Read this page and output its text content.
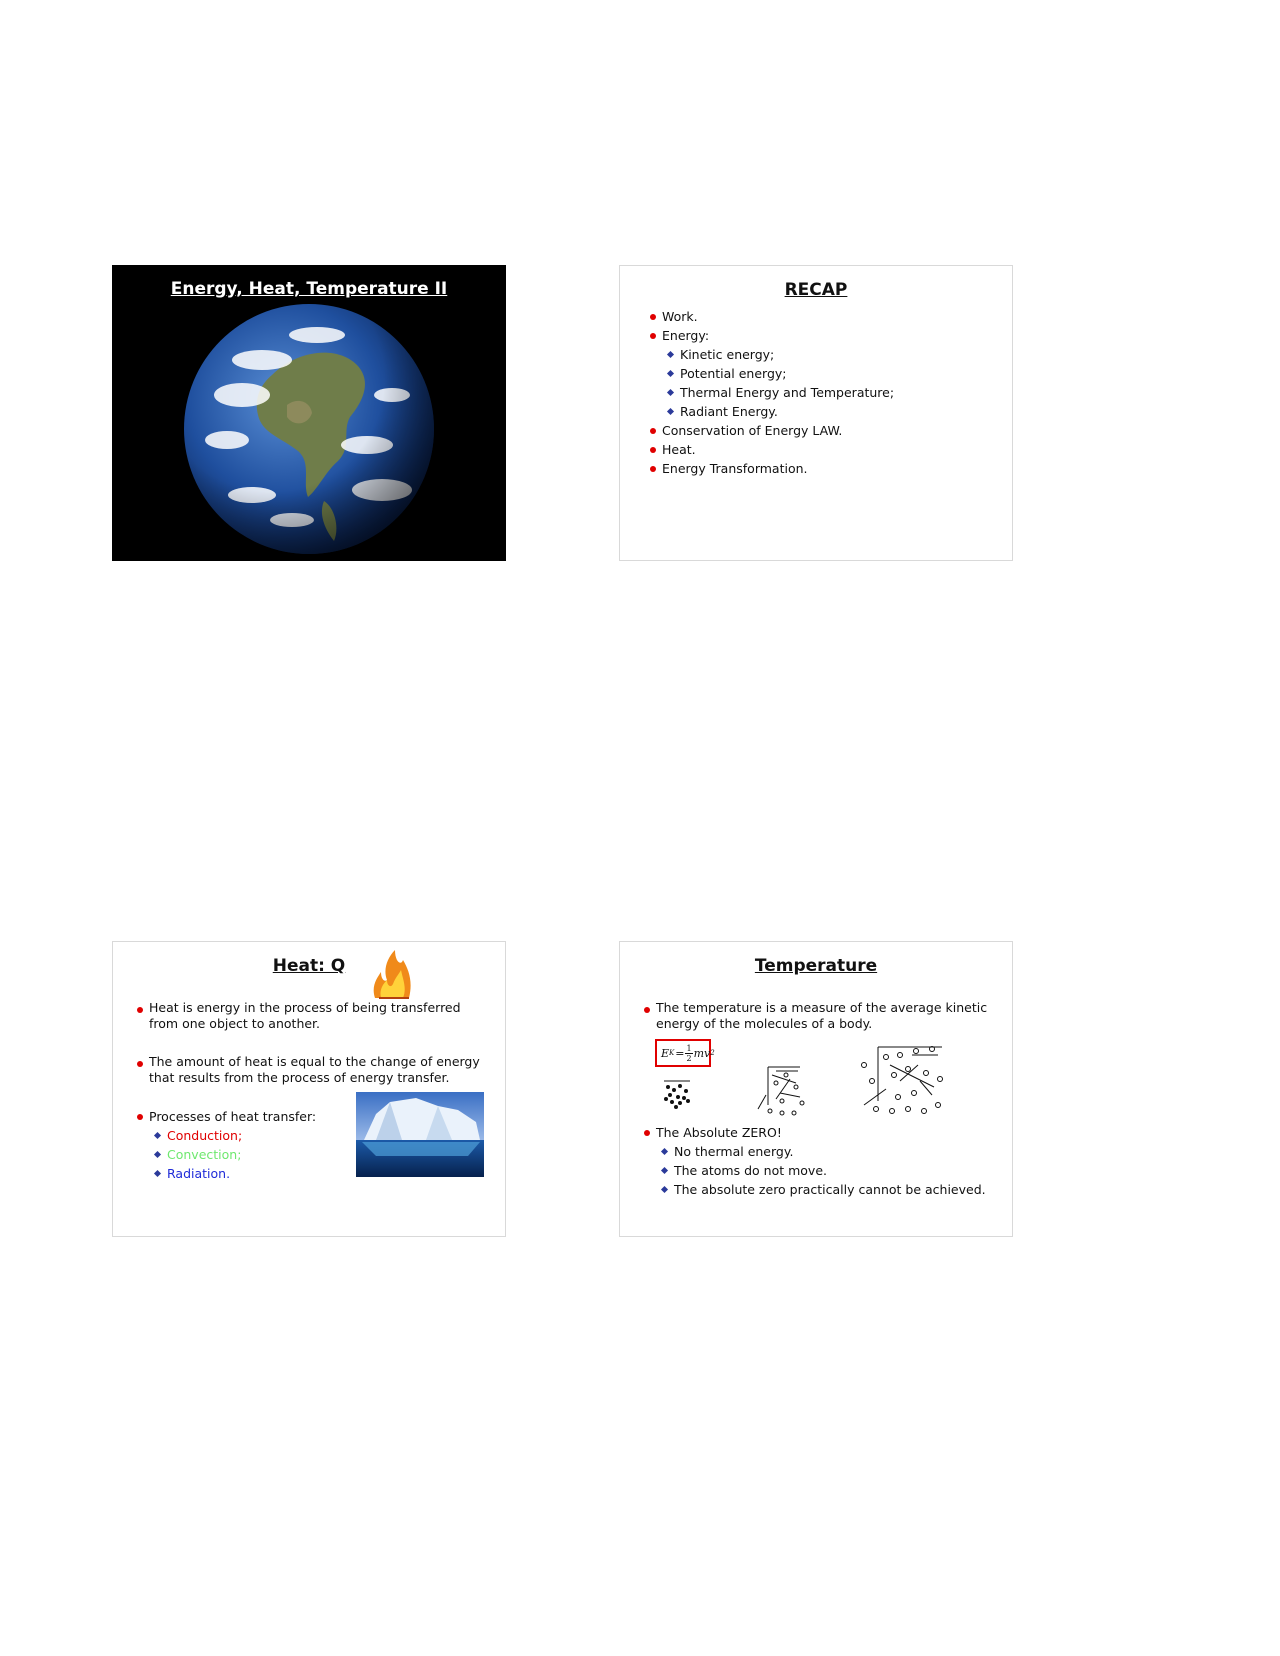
Energy, Heat, Temperature II	RECAP
Work.
Energy:
Kinetic energy;
Potential energy;
Thermal Energy and Temperature;
Radiant Energy.
Conservation of Energy LAW.
Heat.
Energy Transformation.
Heat: Q
Heat is energy in the process of being transferred
from one object to another.
The amount of heat is equal to the change of energy
that results from the process of energy transfer.
Processes of heat transfer:
Conduction;
Convection;
Radiation.
Temperature
The temperature is a measure of the average kinetic
energy of the molecules of a body.
E $K = \frac{1}{2}$ mv 2
The Absolute ZERO!
No thermal energy.
The atoms do not move.
The absolute zero practically cannot be achieved.
